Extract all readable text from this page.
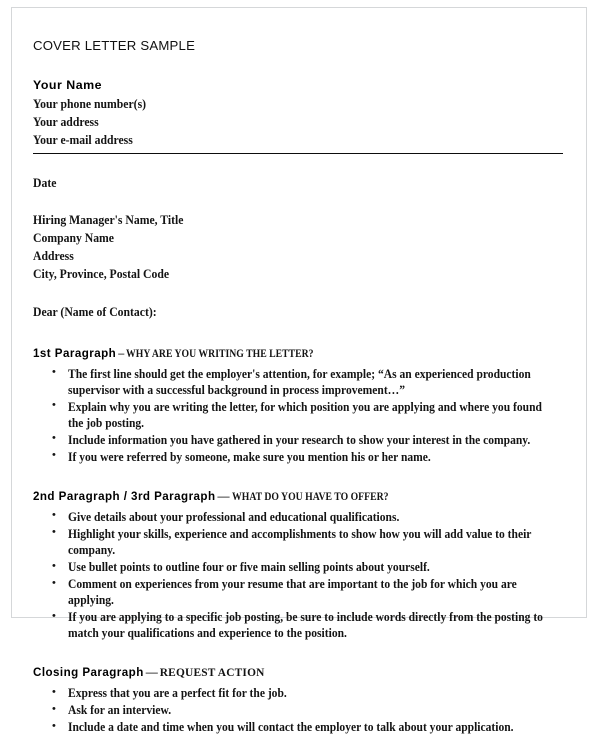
COVER LETTER SAMPLE
Your Name
Your phone number(s)
Your address
Your e-mail address
Date
Hiring Manager's Name, Title
Company Name
Address
City, Province, Postal Code
Dear (Name of Contact):
1st Paragraph – WHY ARE YOU WRITING THE LETTER?
• The first line should get the employer's attention, for example; “As an experienced production supervisor with a successful background in process improvement…”
• Explain why you are writing the letter, for which position you are applying and where you found the job posting.
• Include information you have gathered in your research to show your interest in the company.
• If you were referred by someone, make sure you mention his or her name.
2nd Paragraph / 3rd Paragraph — WHAT DO YOU HAVE TO OFFER?
• Give details about your professional and educational qualifications.
• Highlight your skills, experience and accomplishments to show how you will add value to their company.
• Use bullet points to outline four or five main selling points about yourself.
• Comment on experiences from your resume that are important to the job for which you are applying.
• If you are applying to a specific job posting, be sure to include words directly from the posting to match your qualifications and experience to the position.
Closing Paragraph — REQUEST ACTION
• Express that you are a perfect fit for the job.
• Ask for an interview.
• Include a date and time when you will contact the employer to talk about your application.
